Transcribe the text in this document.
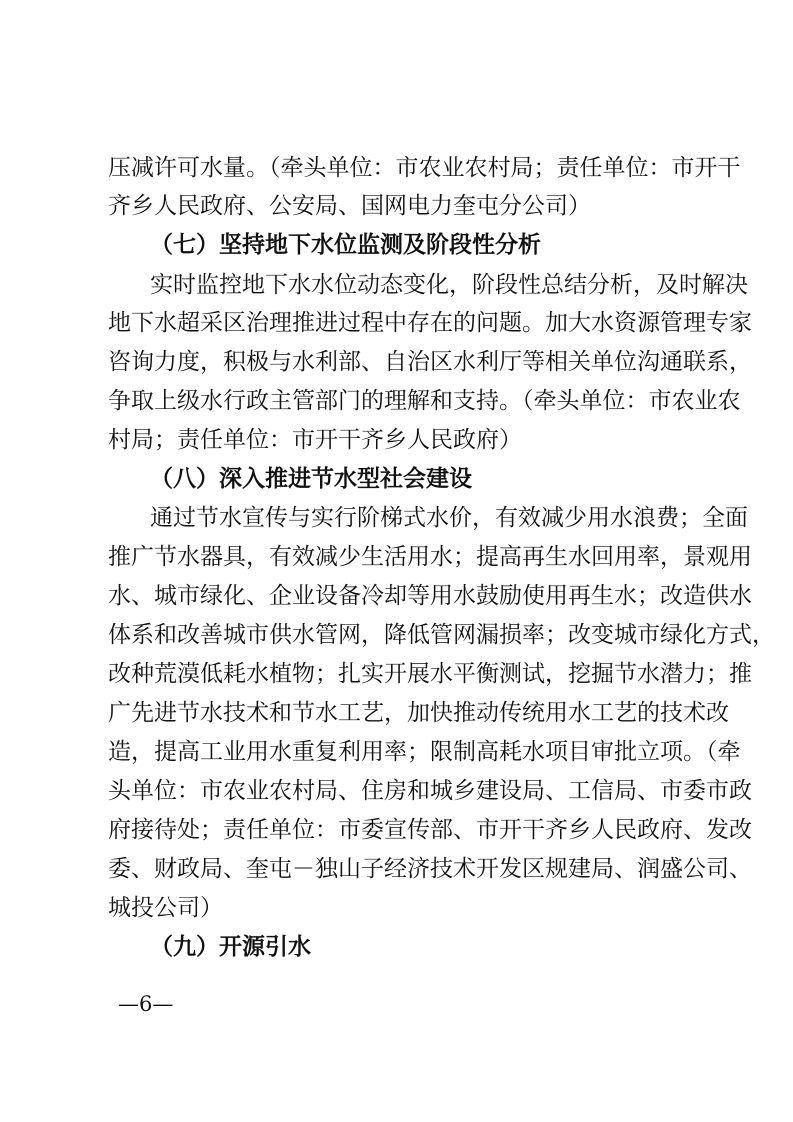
压减许可水量。（牵头单位：市农业农村局；责任单位：市开干
齐乡人民政府、公安局、国网电力奎屯分公司）
（七）坚持地下水位监测及阶段性分析
实时监控地下水水位动态变化，阶段性总结分析，及时解决
地下水超采区治理推进过程中存在的问题。加大水资源管理专家
咨询力度，积极与水利部、自治区水利厅等相关单位沟通联系，
争取上级水行政主管部门的理解和支持。（牵头单位：市农业农
村局；责任单位：市开干齐乡人民政府）
（八）深入推进节水型社会建设
通过节水宣传与实行阶梯式水价，有效减少用水浪费；全面
推广节水器具，有效减少生活用水；提高再生水回用率，景观用
水、城市绿化、企业设备冷却等用水鼓励使用再生水；改造供水
体系和改善城市供水管网，降低管网漏损率；改变城市绿化方式，
改种荒漠低耗水植物；扎实开展水平衡测试，挖掘节水潜力；推
广先进节水技术和节水工艺，加快推动传统用水工艺的技术改
造，提高工业用水重复利用率；限制高耗水项目审批立项。（牵
头单位：市农业农村局、住房和城乡建设局、工信局、市委市政
府接待处；责任单位：市委宣传部、市开干齐乡人民政府、发改
委、财政局、奎屯－独山子经济技术开发区规建局、润盛公司、
城投公司）
（九）开源引水
—6—
